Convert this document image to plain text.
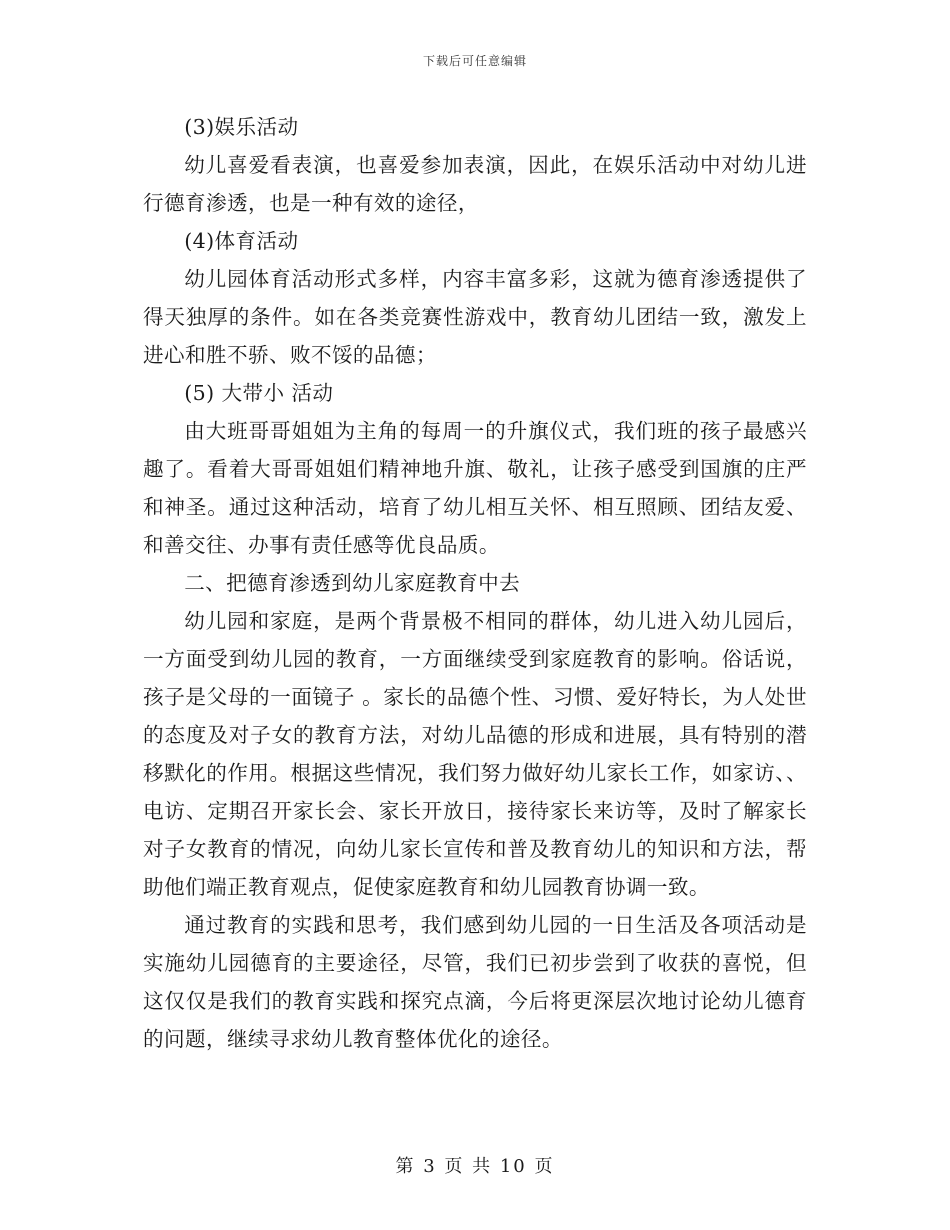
下载后可任意编辑

(3)娱乐活动

幼儿喜爱看表演，也喜爱参加表演，因此，在娱乐活动中对幼儿进行德育渗透，也是一种有效的途径，

(4)体育活动

幼儿园体育活动形式多样，内容丰富多彩，这就为德育渗透提供了得天独厚的条件。如在各类竞赛性游戏中，教育幼儿团结一致，激发上进心和胜不骄、败不馁的品德；

(5) 大带小 活动

由大班哥哥姐姐为主角的每周一的升旗仪式，我们班的孩子最感兴趣了。看着大哥哥姐姐们精神地升旗、敬礼，让孩子感受到国旗的庄严和神圣。通过这种活动，培育了幼儿相互关怀、相互照顾、团结友爱、和善交往、办事有责任感等优良品质。

二、把德育渗透到幼儿家庭教育中去

幼儿园和家庭，是两个背景极不相同的群体，幼儿进入幼儿园后，一方面受到幼儿园的教育，一方面继续受到家庭教育的影响。俗话说， 孩子是父母的一面镜子 。家长的品德个性、习惯、爱好特长，为人处世的态度及对子女的教育方法，对幼儿品德的形成和进展，具有特别的潜移默化的作用。根据这些情况，我们努力做好幼儿家长工作，如家访、、电访、定期召开家长会、家长开放日，接待家长来访等，及时了解家长对子女教育的情况，向幼儿家长宣传和普及教育幼儿的知识和方法，帮助他们端正教育观点，促使家庭教育和幼儿园教育协调一致。

通过教育的实践和思考，我们感到幼儿园的一日生活及各项活动是实施幼儿园德育的主要途径，尽管，我们已初步尝到了收获的喜悦，但这仅仅是我们的教育实践和探究点滴，今后将更深层次地讨论幼儿德育的问题，继续寻求幼儿教育整体优化的途径。

第 3 页 共 10 页
